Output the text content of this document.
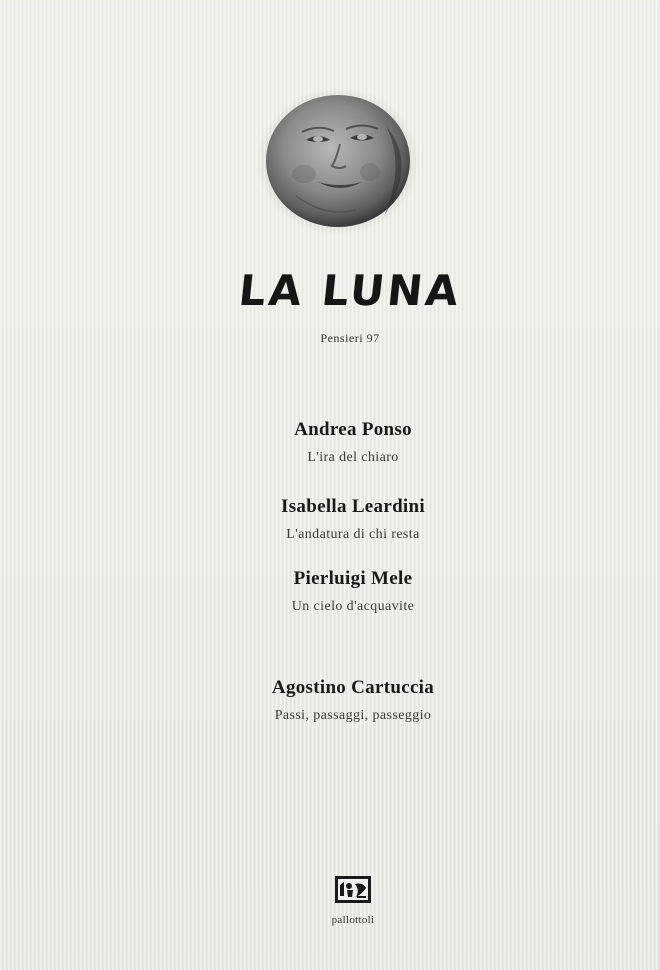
LA LUNA
Pensieri 97
Andrea Ponso
L'ira del chiaro
Isabella Leardini
L'andatura di chi resta
Pierluigi Mele
Un cielo d'acquavite
Agostino Cartuccia
Passi, passaggi, passeggio
pallottoli
